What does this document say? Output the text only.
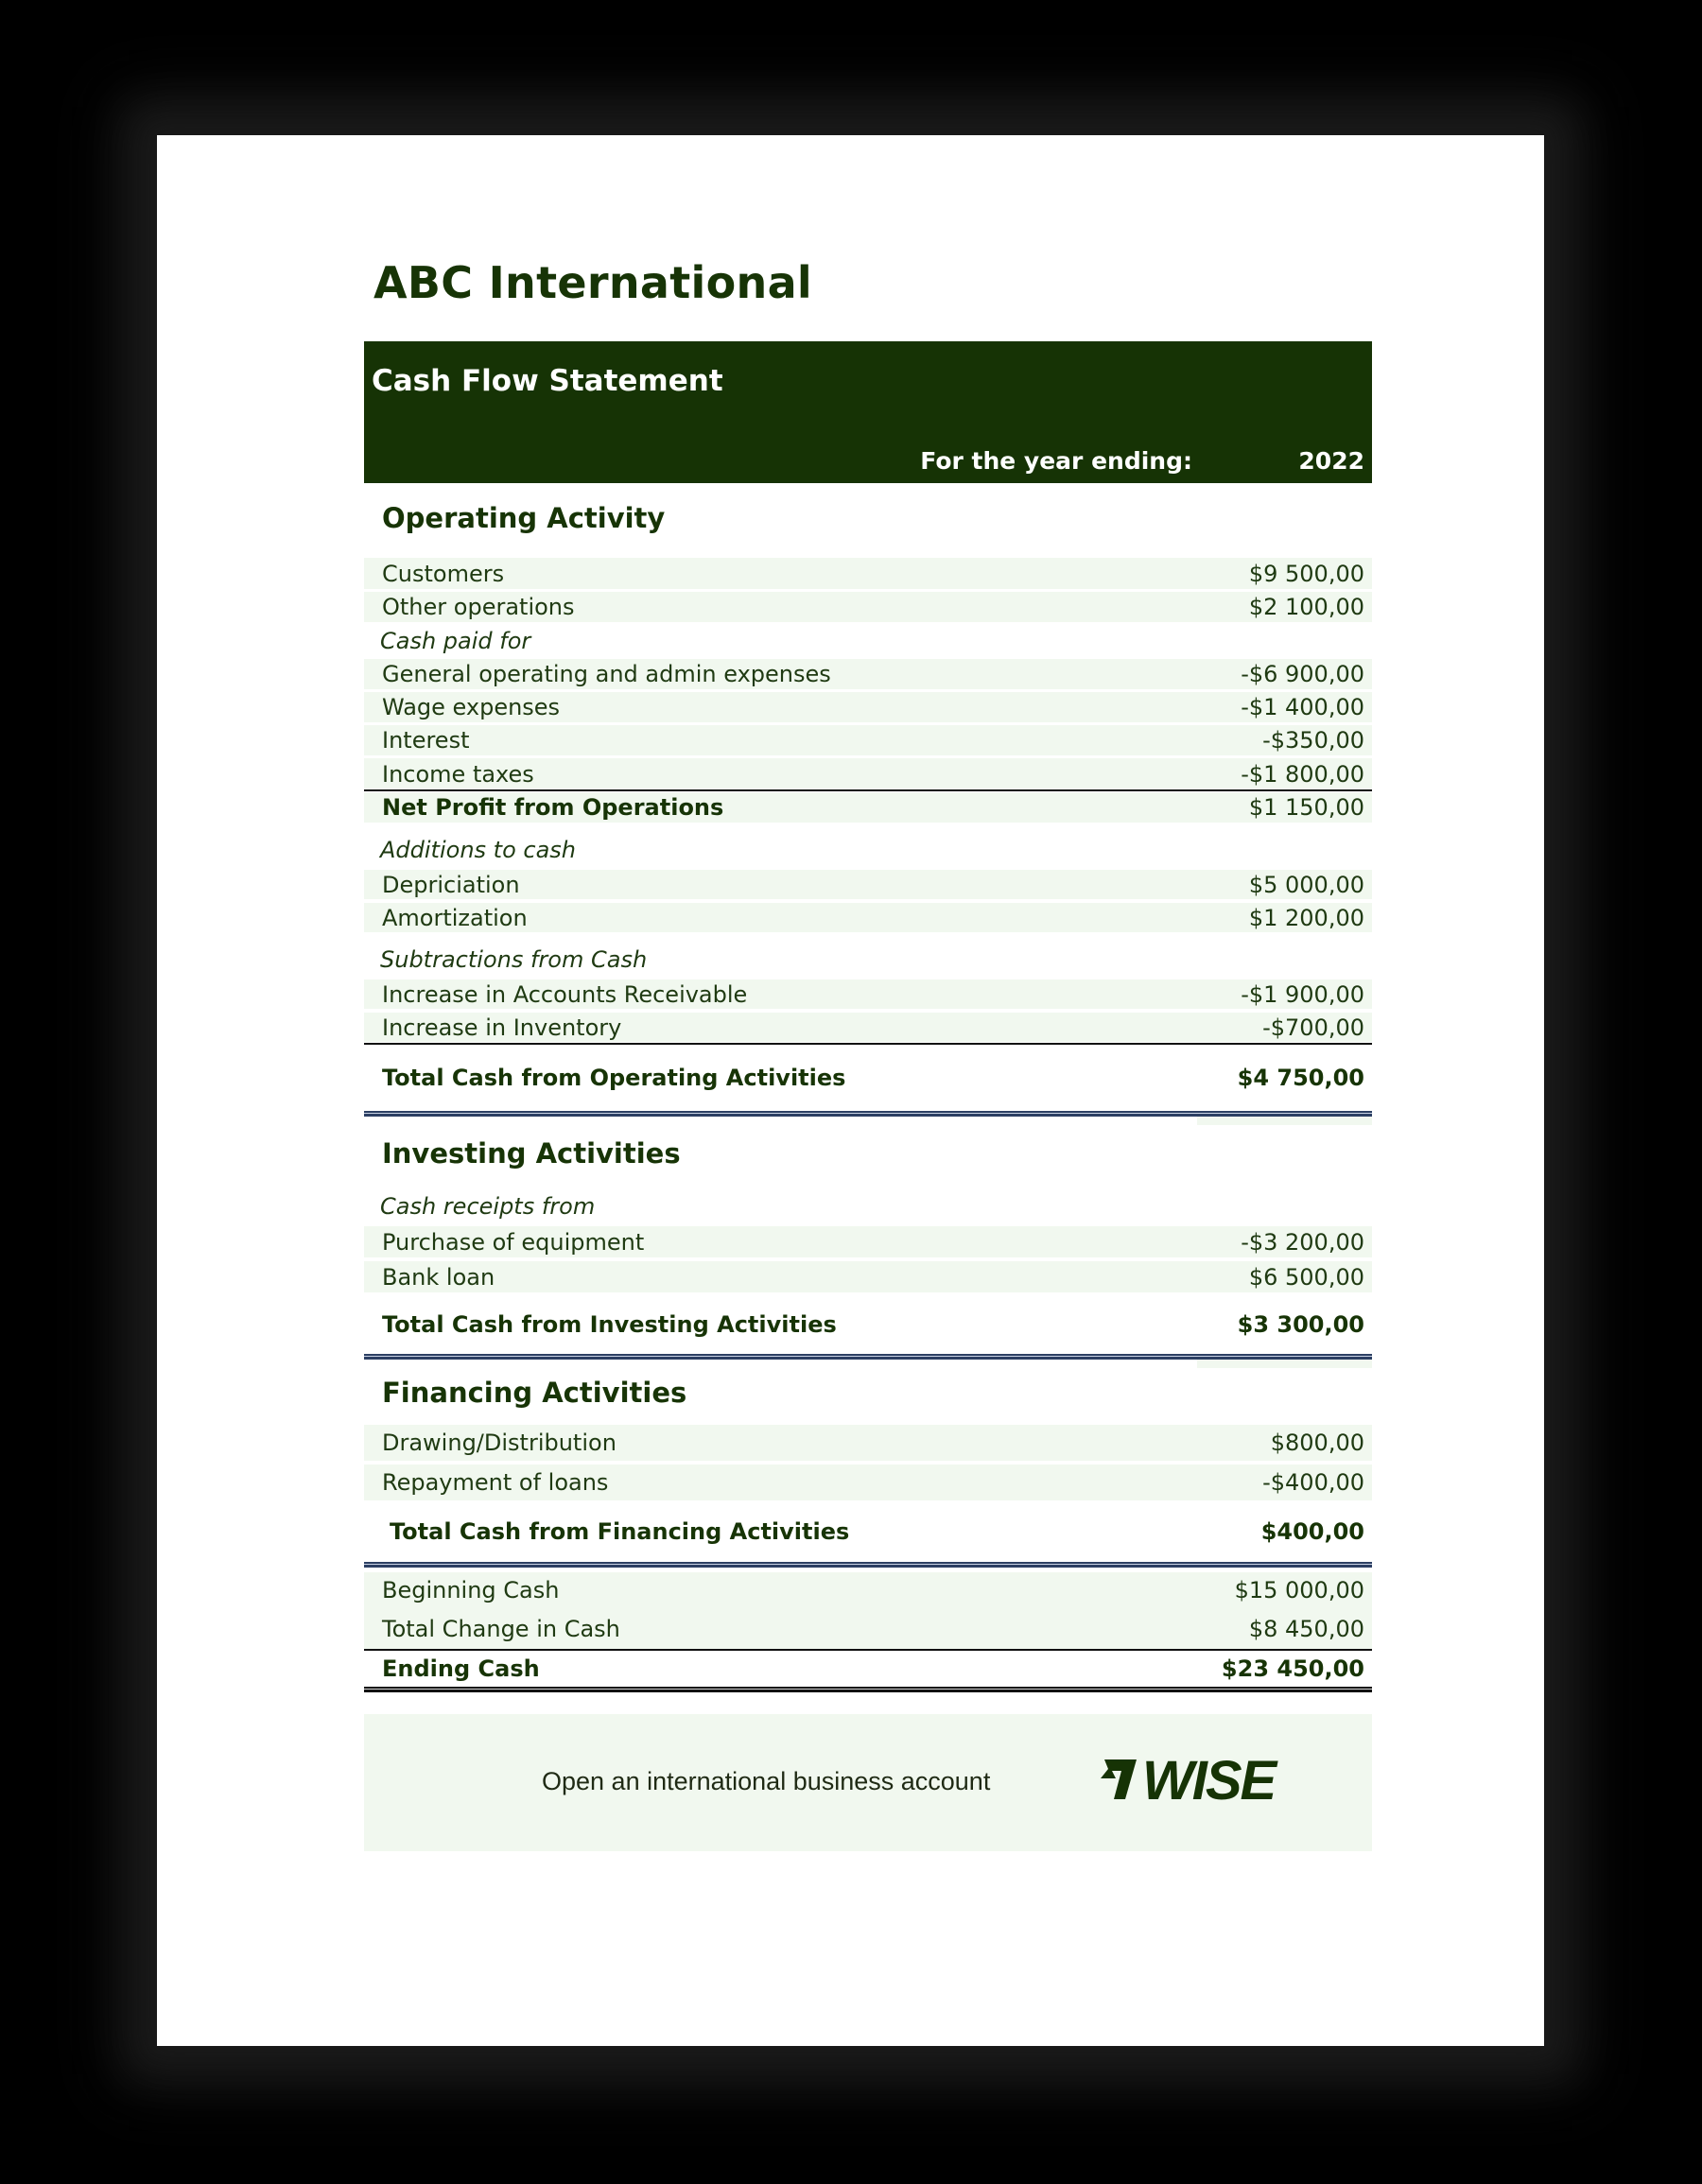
ABC International
Cash Flow Statement
For the year ending:	2022
Operating Activity
Customers	$9 500,00
Other operations	$2 100,00
Cash paid for
General operating and admin expenses	-$6 900,00
Wage expenses	-$1 400,00
Interest	-$350,00
Income taxes	-$1 800,00
Net Profit from Operations	$1 150,00
Additions to cash
Depriciation	$5 000,00
Amortization	$1 200,00
Subtractions from Cash
Increase in Accounts Receivable	-$1 900,00
Increase in Inventory	-$700,00
Total Cash from Operating Activities	$4 750,00
Investing Activities
Cash receipts from
Purchase of equipment	-$3 200,00
Bank loan	$6 500,00
Total Cash from Investing Activities	$3 300,00
Financing Activities
Drawing/Distribution	$800,00
Repayment of loans	-$400,00
Total Cash from Financing Activities	$400,00
Beginning Cash	$15 000,00
Total Change in Cash	$8 450,00
Ending Cash	$23 450,00
Open an international business account	WISE
